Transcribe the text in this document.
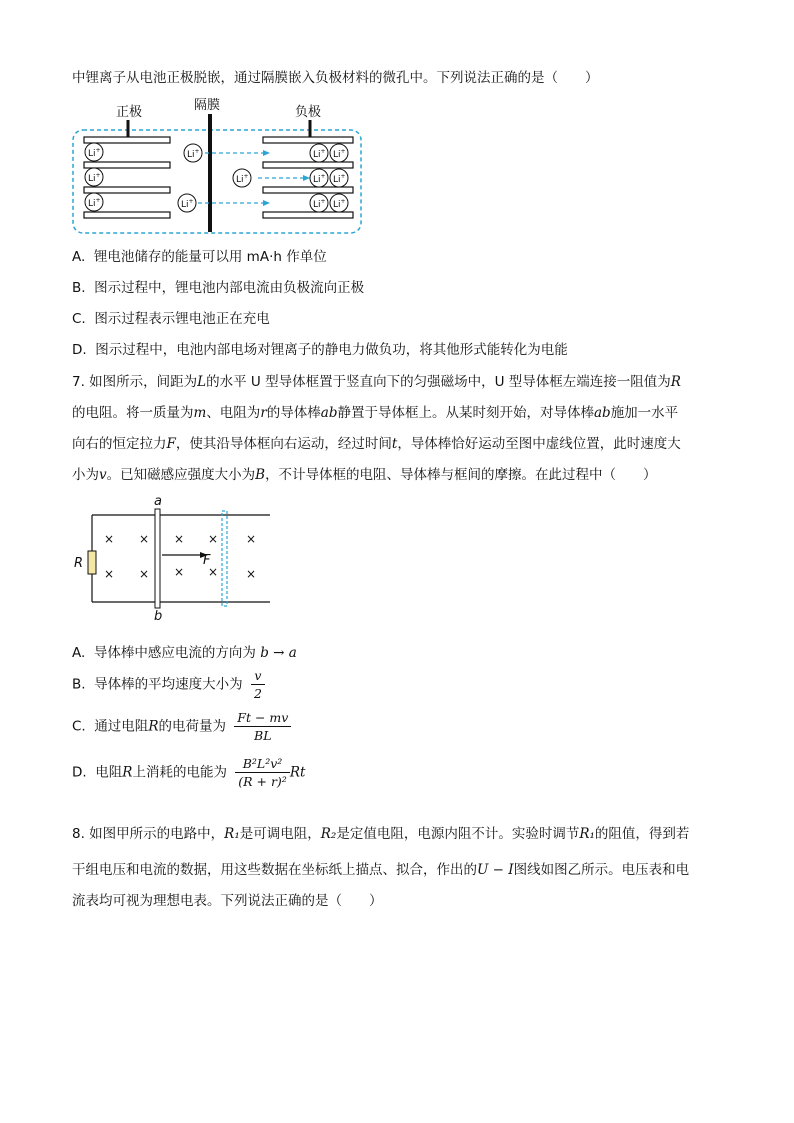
中锂离子从电池正极脱嵌，通过隔膜嵌入负极材料的微孔中。下列说法正确的是（　　）
正极	隔膜	负极
Li+
Li+
Li+
Li+
Li+
Li+
Li+ Li+
Li+ Li+
Li+ Li+
A. 锂电池储存的能量可以用 mA·h 作单位
B. 图示过程中，锂电池内部电流由负极流向正极
C. 图示过程表示锂电池正在充电
D. 图示过程中，电池内部电场对锂离子的静电力做负功，将其他形式能转化为电能
7. 如图所示，间距为L的水平 U 型导体框置于竖直向下的匀强磁场中，U 型导体框左端连接一阻值为R
的电阻。将一质量为m、电阻为r的导体棒ab静置于导体框上。从某时刻开始，对导体棒ab施加一水平
向右的恒定拉力F，使其沿导体框向右运动，经过时间t，导体棒恰好运动至图中虚线位置，此时速度大
小为v。已知磁感应强度大小为B，不计导体框的电阻、导体棒与框间的摩擦。在此过程中（　　）
R
a
b
F
× × × × ×
× × × × ×
A. 导体棒中感应电流的方向为 b → a
B. 导体棒的平均速度大小为 $\frac{v}{2}$
C. 通过电阻R的电荷量为 $\frac{Ft - mv}{BL}$
D. 电阻R上消耗的电能为 $\frac{\text{B²L²v²}}{\text{(R + r)²}}$ Rt
8. 如图甲所示的电路中，R₁是可调电阻，R₂是定值电阻，电源内阻不计。实验时调节R₁的阻值，得到若
干组电压和电流的数据，用这些数据在坐标纸上描点、拟合，作出的U − I图线如图乙所示。电压表和电
流表均可视为理想电表。下列说法正确的是（　　）
